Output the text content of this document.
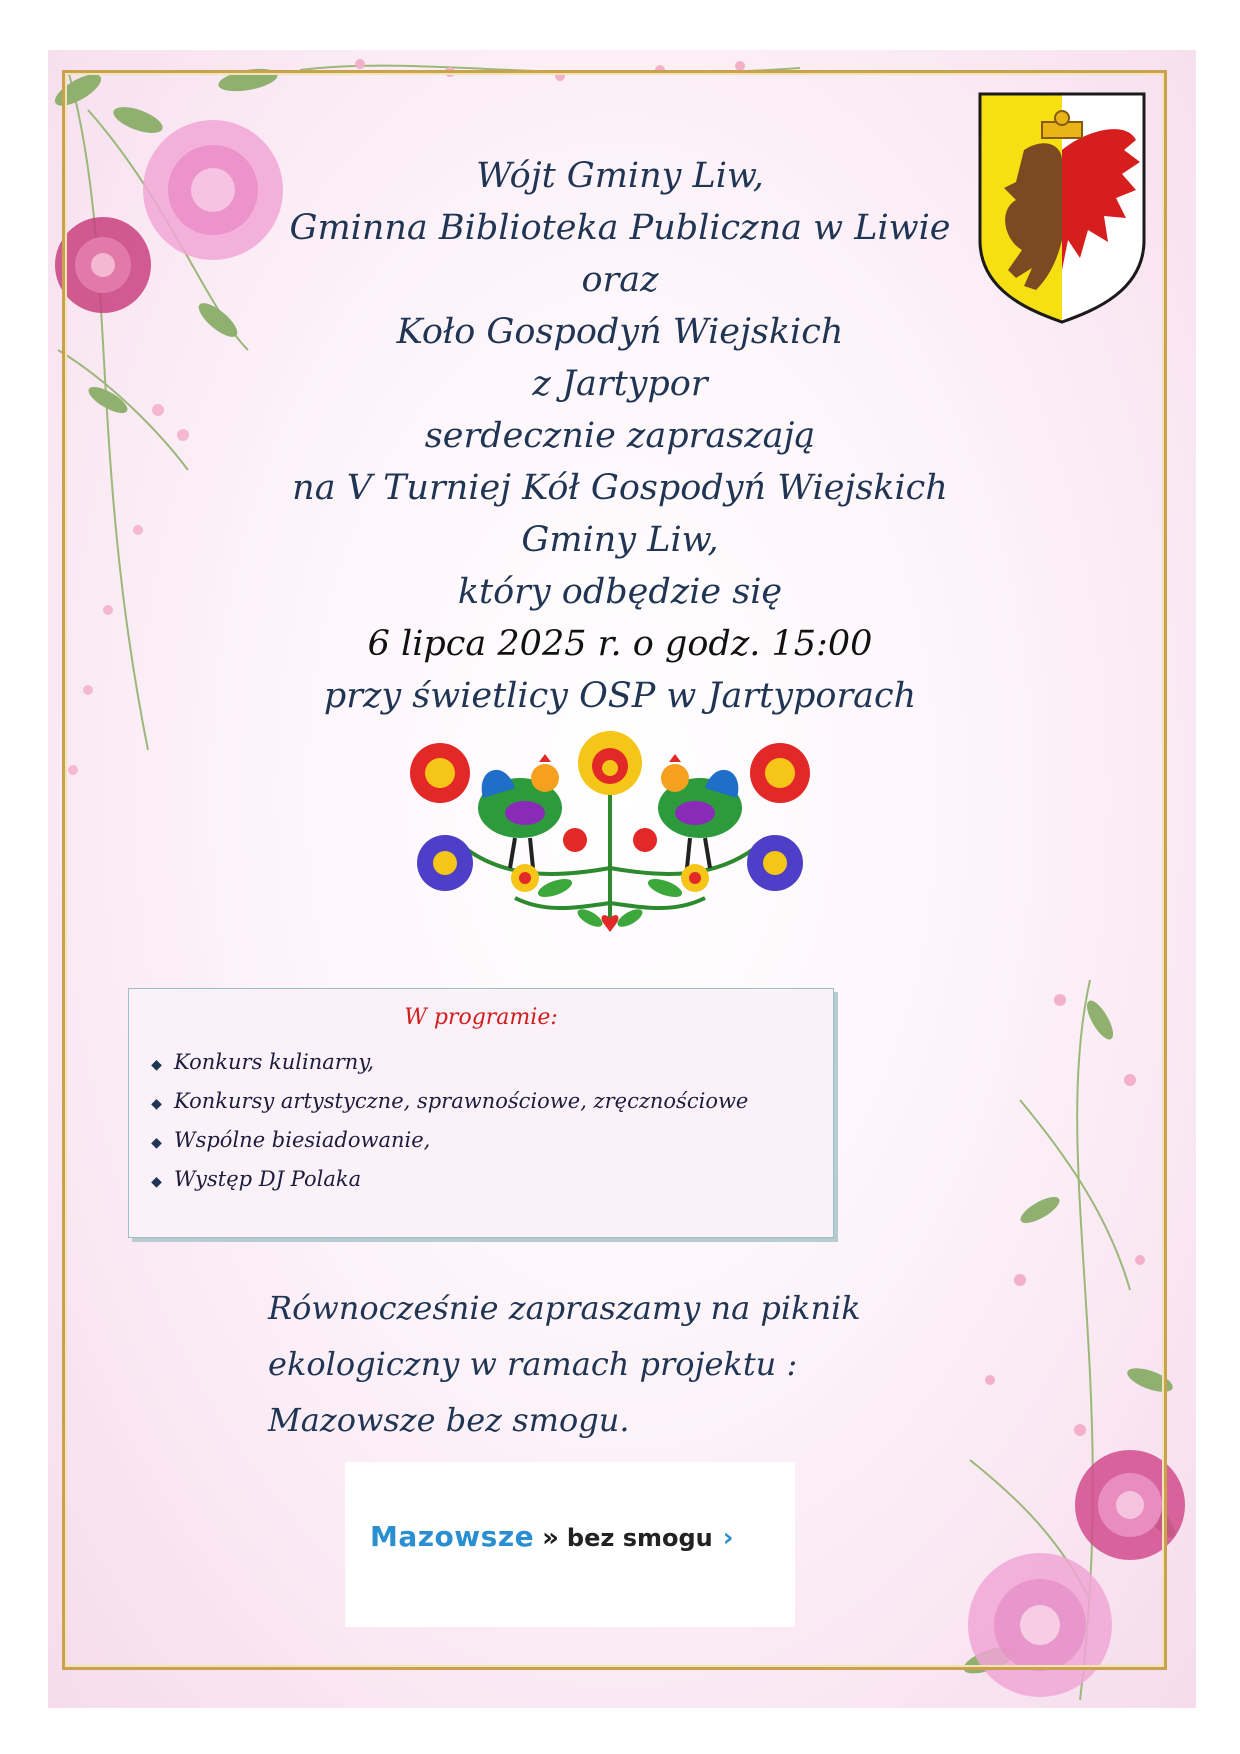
Wójt Gminy Liw,
Gminna Biblioteka Publiczna w Liwie
oraz
Koło Gospodyń Wiejskich
z Jartypor
serdecznie zapraszają
na V Turniej Kół Gospodyń Wiejskich
Gminy Liw,
który odbędzie się
6 lipca 2025 r. o godz. 15:00
przy świetlicy OSP w Jartyporach
W programie:
◆ Konkurs kulinarny,
◆ Konkursy artystyczne, sprawnościowe, zręcznościowe
◆ Wspólne biesiadowanie,
◆ Występ DJ Polaka
Równocześnie zapraszamy na piknik
ekologiczny w ramach projektu :
Mazowsze bez smogu.
Mazowsze » bez smogu ›
